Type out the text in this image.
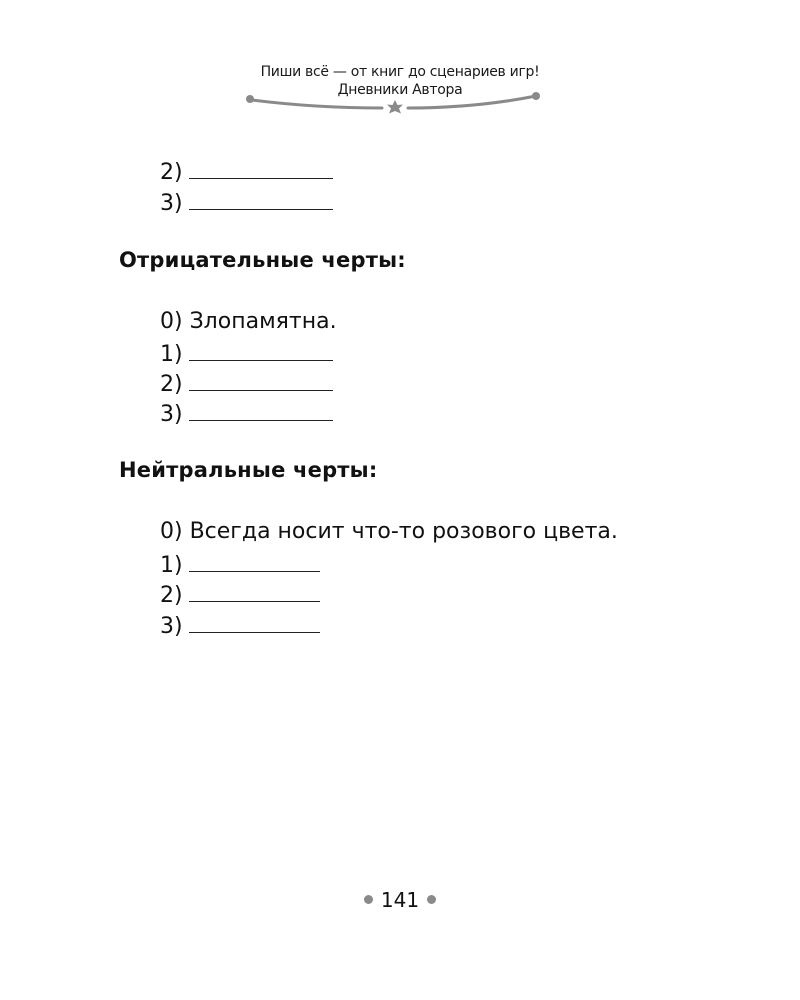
Пиши всё — от книг до сценариев игр!
Дневники Автора
2)
3)
Отрицательные черты:
0) Злопамятна.
1)
2)
3)
Нейтральные черты:
0) Всегда носит что-то розового цвета.
1)
2)
3)
141
